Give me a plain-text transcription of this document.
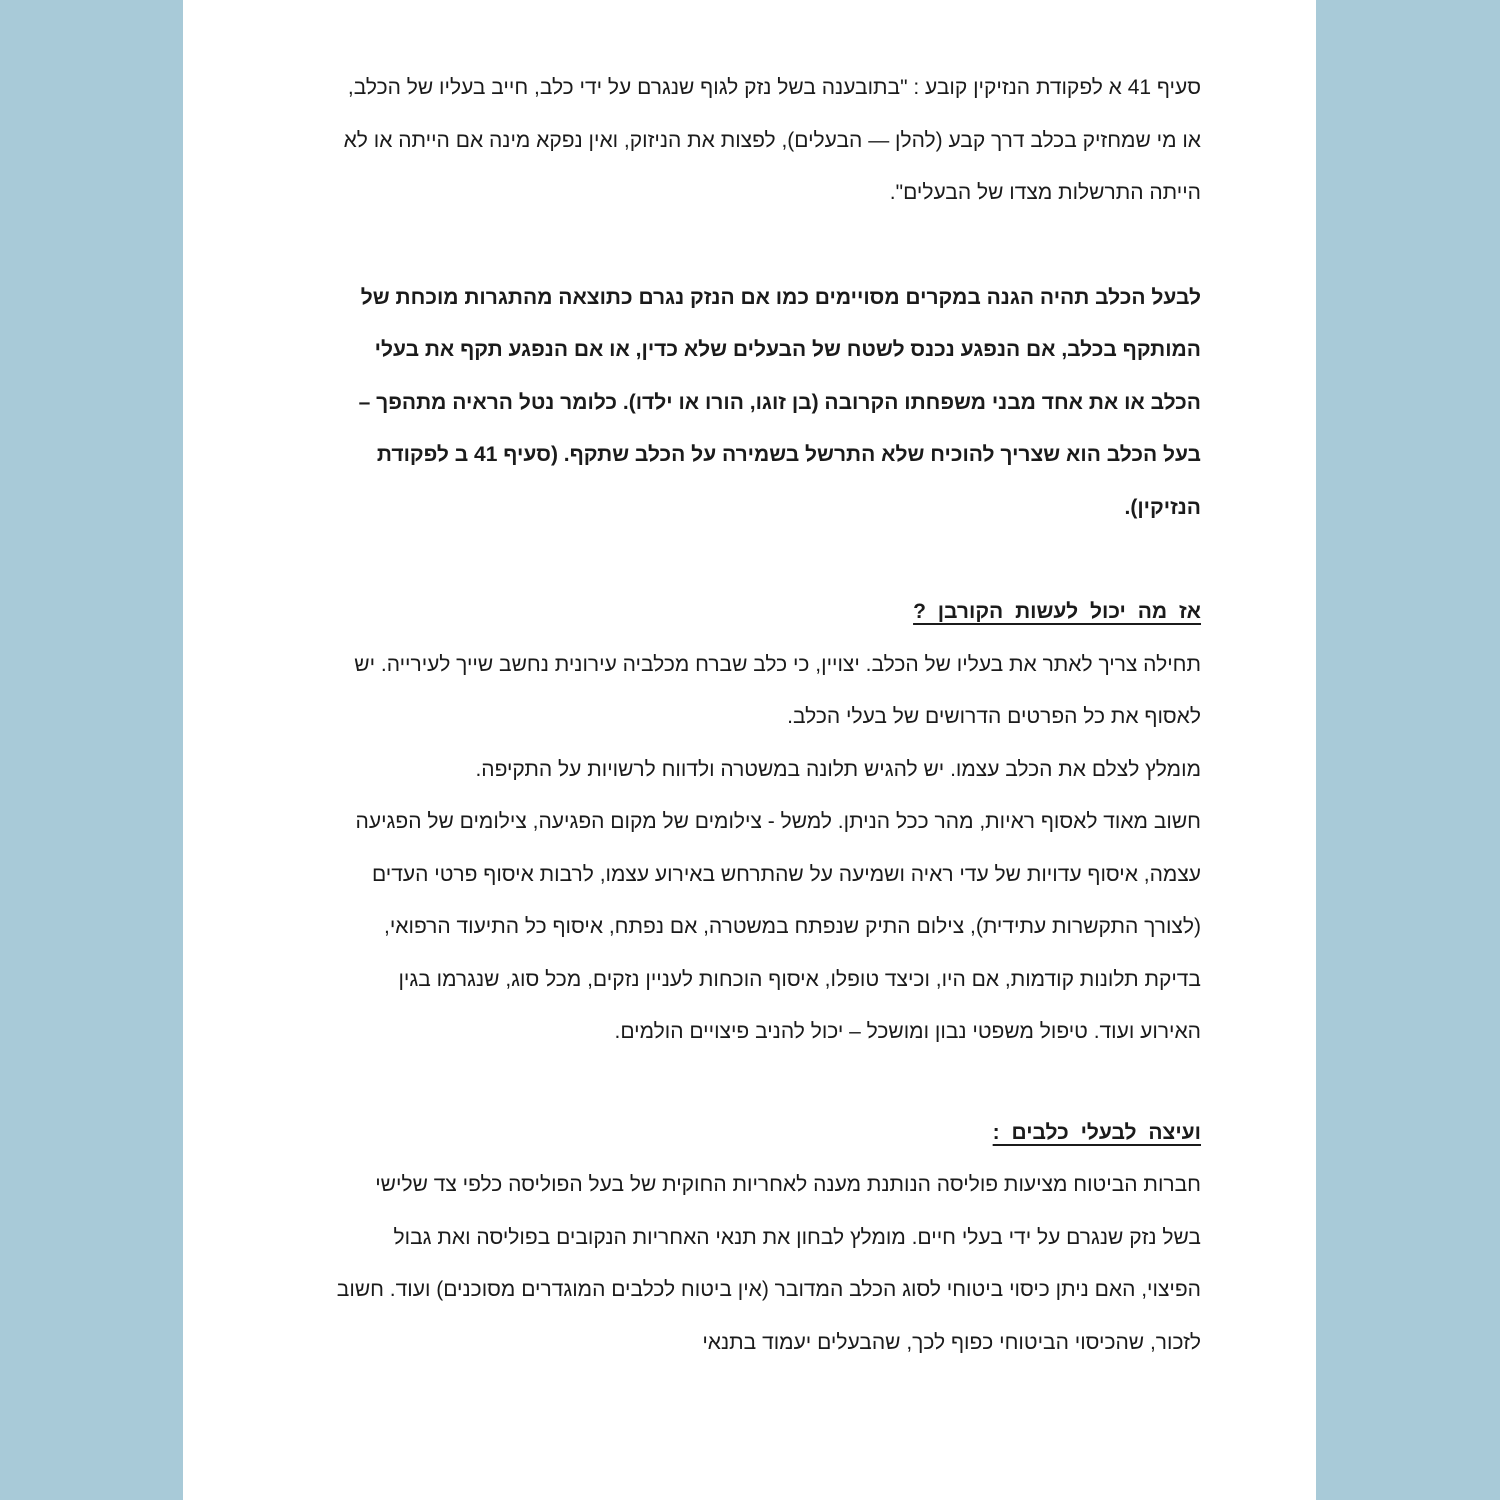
סעיף 41 א לפקודת הנזיקין קובע : "בתובענה בשל נזק לגוף שנגרם על ידי כלב, חייב בעליו של הכלב, או מי שמחזיק בכלב דרך קבע (להלן — הבעלים), לפצות את הניזוק, ואין נפקא מינה אם הייתה או לא הייתה התרשלות מצדו של הבעלים".

לבעל הכלב תהיה הגנה במקרים מסויימים כמו אם הנזק נגרם כתוצאה מהתגרות מוכחת של המותקף בכלב, אם הנפגע נכנס לשטח של הבעלים שלא כדין, או אם הנפגע תקף את בעלי הכלב או את אחד מבני משפחתו הקרובה (בן זוגו, הורו או ילדו). כלומר נטל הראיה מתהפך – בעל הכלב הוא שצריך להוכיח שלא התרשל בשמירה על הכלב שתקף. (סעיף 41 ב לפקודת הנזיקין).

אז מה יכול לעשות הקורבן ?

תחילה צריך לאתר את בעליו של הכלב. יצויין, כי כלב שברח מכלביה עירונית נחשב שייך לעירייה. יש לאסוף את כל הפרטים הדרושים של בעלי הכלב.

מומלץ לצלם את הכלב עצמו. יש להגיש תלונה במשטרה ולדווח לרשויות על התקיפה.

חשוב מאוד לאסוף ראיות, מהר ככל הניתן. למשל - צילומים של מקום הפגיעה, צילומים של הפגיעה עצמה, איסוף עדויות של עדי ראיה ושמיעה על שהתרחש באירוע עצמו, לרבות איסוף פרטי העדים (לצורך התקשרות עתידית), צילום התיק שנפתח במשטרה, אם נפתח, איסוף כל התיעוד הרפואי, בדיקת תלונות קודמות, אם היו, וכיצד טופלו, איסוף הוכחות לעניין נזקים, מכל סוג, שנגרמו בגין האירוע ועוד. טיפול משפטי נבון ומושכל – יכול להניב פיצויים הולמים.

ועיצה לבעלי כלבים :

חברות הביטוח מציעות פוליסה הנותנת מענה לאחריות החוקית של בעל הפוליסה כלפי צד שלישי בשל נזק שנגרם על ידי בעלי חיים. מומלץ לבחון את תנאי האחריות הנקובים בפוליסה ואת גבול הפיצוי, האם ניתן כיסוי ביטוחי לסוג הכלב המדובר (אין ביטוח לכלבים המוגדרים מסוכנים) ועוד. חשוב לזכור, שהכיסוי הביטוחי כפוף לכך, שהבעלים יעמוד בתנאי
